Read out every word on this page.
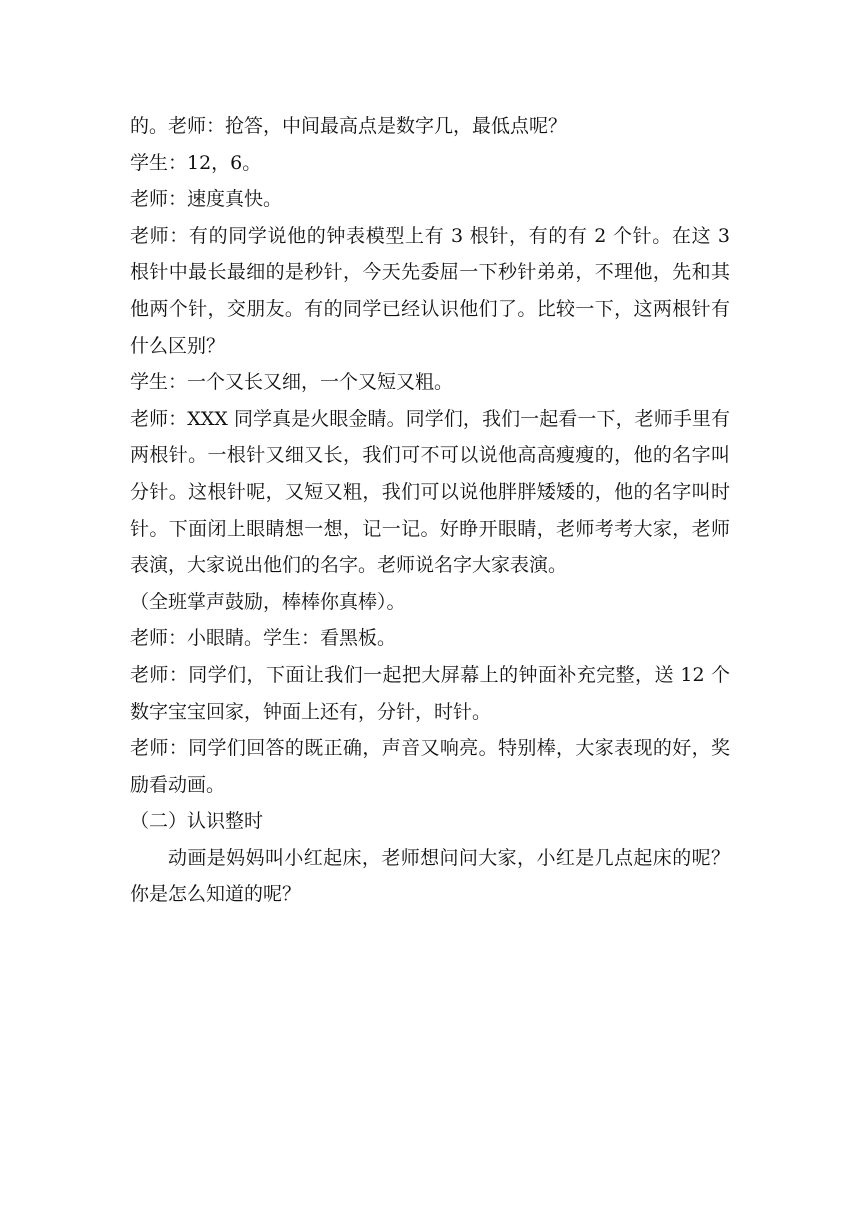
的。老师：抢答，中间最高点是数字几，最低点呢？

学生：12，6。

老师：速度真快。

老师：有的同学说他的钟表模型上有 3 根针，有的有 2 个针。在这 3 根针中最长最细的是秒针，今天先委屈一下秒针弟弟，不理他，先和其他两个针，交朋友。有的同学已经认识他们了。比较一下，这两根针有什么区别？

学生：一个又长又细，一个又短又粗。

老师：XXX 同学真是火眼金睛。同学们，我们一起看一下，老师手里有两根针。一根针又细又长，我们可不可以说他高高瘦瘦的，他的名字叫分针。这根针呢，又短又粗，我们可以说他胖胖矮矮的，他的名字叫时针。下面闭上眼睛想一想，记一记。好睁开眼睛，老师考考大家，老师表演，大家说出他们的名字。老师说名字大家表演。

（全班掌声鼓励，棒棒你真棒）。

老师：小眼睛。学生：看黑板。

老师：同学们，下面让我们一起把大屏幕上的钟面补充完整，送 12 个数字宝宝回家，钟面上还有，分针，时针。

老师：同学们回答的既正确，声音又响亮。特别棒，大家表现的好，奖励看动画。

（二）认识整时

动画是妈妈叫小红起床，老师想问问大家，小红是几点起床的呢？你是怎么知道的呢？
